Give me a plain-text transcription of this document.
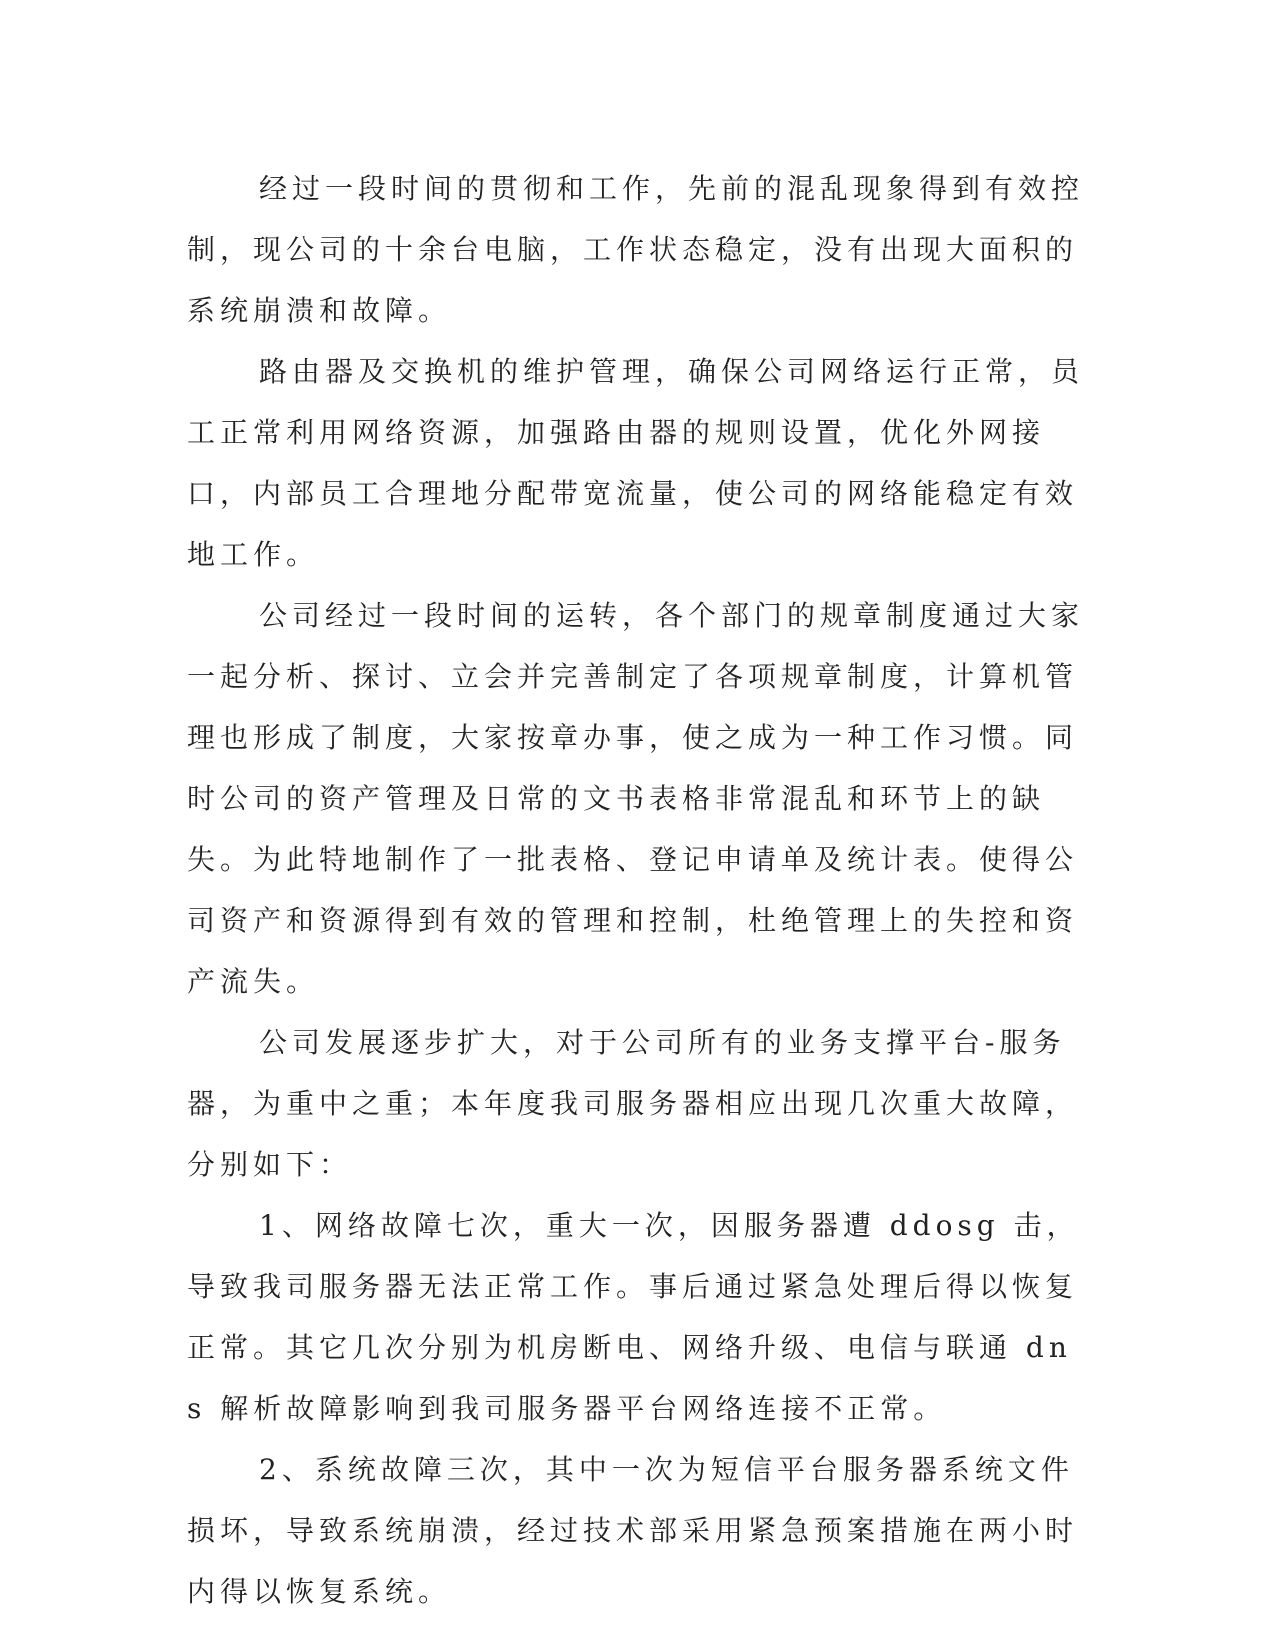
经过一段时间的贯彻和工作，先前的混乱现象得到有效控制，现公司的十余台电脑，工作状态稳定，没有出现大面积的系统崩溃和故障。

路由器及交换机的维护管理，确保公司网络运行正常，员工正常利用网络资源，加强路由器的规则设置，优化外网接口，内部员工合理地分配带宽流量，使公司的网络能稳定有效地工作。

公司经过一段时间的运转，各个部门的规章制度通过大家一起分析、探讨、立会并完善制定了各项规章制度，计算机管理也形成了制度，大家按章办事，使之成为一种工作习惯。同时公司的资产管理及日常的文书表格非常混乱和环节上的缺失。为此特地制作了一批表格、登记申请单及统计表。使得公司资产和资源得到有效的管理和控制，杜绝管理上的失控和资产流失。

公司发展逐步扩大，对于公司所有的业务支撑平台-服务器，为重中之重；本年度我司服务器相应出现几次重大故障，分别如下：

1、网络故障七次，重大一次，因服务器遭 ddosg 击，导致我司服务器无法正常工作。事后通过紧急处理后得以恢复正常。其它几次分别为机房断电、网络升级、电信与联通 dns 解析故障影响到我司服务器平台网络连接不正常。

2、系统故障三次，其中一次为短信平台服务器系统文件损坏，导致系统崩溃，经过技术部采用紧急预案措施在两小时内得以恢复系统。
